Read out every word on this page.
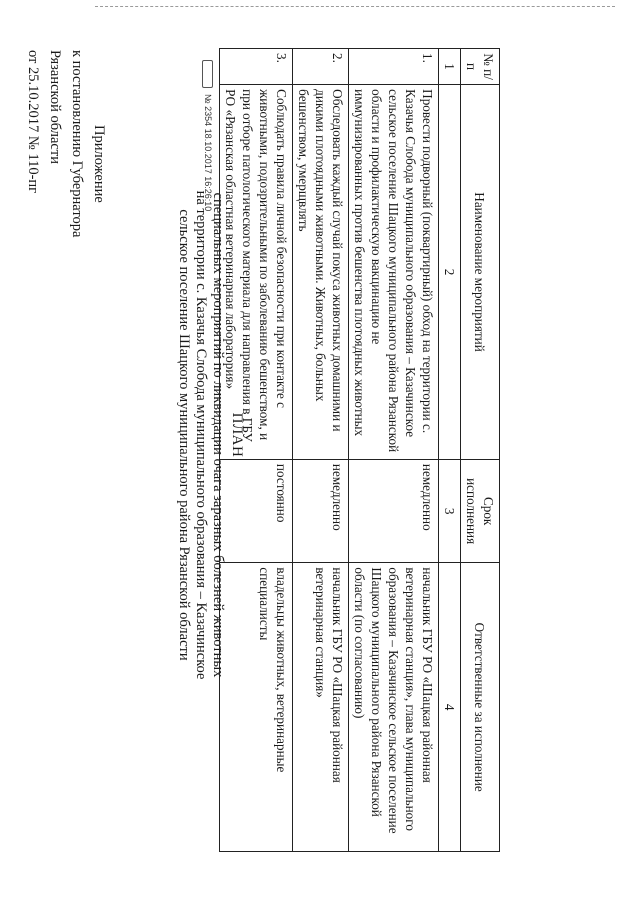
Приложение
к постановлению Губернатора
Рязанской области
от 25.10.2017 № 110-пг
ПЛАН
специальных мероприятий по ликвидации очага заразных болезней животных
на территории с. Казачья Слобода муниципального образования – Казачинское
сельское поселение Шацкого муниципального района Рязанской области
№ 2354 18.10.2017 16:26:10
№ п/п	Наименование мероприятий	Срок исполнения	Ответственные за исполнение
1	2	3	4
1.	Провести подворный (поквартирный) обход на территории с. Казачья Слобода муниципального образования – Казачинское сельское поселение Шацкого муниципального района Рязанской области и профилактическую вакцинацию не иммунизированных против бешенства плотоядных животных	немедленно	начальник ГБУ РО «Шацкая районная ветеринарная станция», глава муниципального образования – Казачинское сельское поселение Шацкого муниципального района Рязанской области (по согласованию)
2.	Обследовать каждый случай покуса животных домашними и дикими плотоядными животными. Животных, больных бешенством, умерщвлять	немедленно	начальник ГБУ РО «Шацкая районная ветеринарная станция»
3.	Соблюдать правила личной безопасности при контакте с животными, подозрительными по заболеванию бешенством, и при отборе патологического материала для направления в ГБУ РО «Рязанская областная ветеринарная лаборатория»	постоянно	владельцы животных, ветеринарные специалисты
